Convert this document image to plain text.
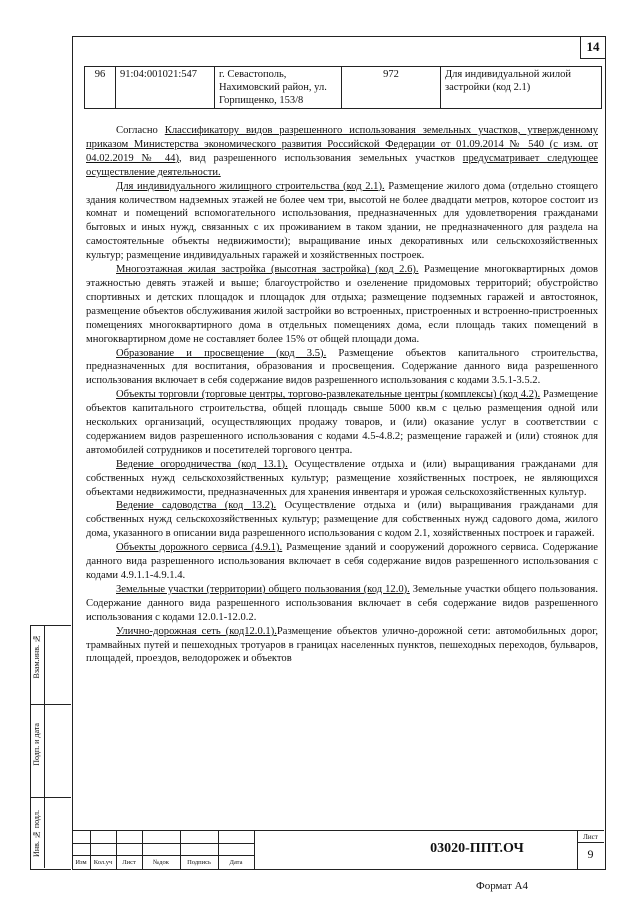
14
96	91:04:001021:547	г. Севастополь, Нахимовский район, ул. Горпищенко, 153/8	972	Для индивидуальной жилой застройки (код 2.1)

Согласно Классификатору видов разрешенного использования земельных участков, утвержденному приказом Министерства экономического развития Российской Федерации от 01.09.2014 № 540 (с изм. от 04.02.2019 № 44), вид разрешенного использования земельных участков предусматривает следующее осуществление деятельности.

Для индивидуального жилищного строительства (код 2.1). Размещение жилого дома (отдельно стоящего здания количеством надземных этажей не более чем три, высотой не более двадцати метров, которое состоит из комнат и помещений вспомогательного использования, предназначенных для удовлетворения гражданами бытовых и иных нужд, связанных с их проживанием в таком здании, не предназначенного для раздела на самостоятельные объекты недвижимости); выращивание иных декоративных или сельскохозяйственных культур; размещение индивидуальных гаражей и хозяйственных построек.

Многоэтажная жилая застройка (высотная застройка) (код 2.6). Размещение многоквартирных домов этажностью девять этажей и выше; благоустройство и озеленение придомовых территорий; обустройство спортивных и детских площадок и площадок для отдыха; размещение подземных гаражей и автостоянок, размещение объектов обслуживания жилой застройки во встроенных, пристроенных и встроенно-пристроенных помещениях многоквартирного дома в отдельных помещениях дома, если площадь таких помещений в многоквартирном доме не составляет более 15% от общей площади дома.

Образование и просвещение (код 3.5). Размещение объектов капитального строительства, предназначенных для воспитания, образования и просвещения. Содержание данного вида разрешенного использования включает в себя содержание видов разрешенного использования с кодами 3.5.1-3.5.2.

Объекты торговли (торговые центры, торгово-развлекательные центры (комплексы) (код 4.2). Размещение объектов капитального строительства, общей площадь свыше 5000 кв.м с целью размещения одной или нескольких организаций, осуществляющих продажу товаров, и (или) оказание услуг в соответствии с содержанием видов разрешенного использования с кодами 4.5-4.8.2; размещение гаражей и (или) стоянок для автомобилей сотрудников и посетителей торгового центра.

Ведение огородничества (код 13.1). Осуществление отдыха и (или) выращивания гражданами для собственных нужд сельскохозяйственных культур; размещение хозяйственных построек, не являющихся объектами недвижимости, предназначенных для хранения инвентаря и урожая сельскохозяйственных культур.

Ведение садоводства (код 13.2). Осуществление отдыха и (или) выращивания гражданами для собственных нужд сельскохозяйственных культур; размещение для собственных нужд садового дома, жилого дома, указанного в описании вида разрешенного использования с кодом 2.1, хозяйственных построек и гаражей.

Объекты дорожного сервиса (4.9.1). Размещение зданий и сооружений дорожного сервиса. Содержание данного вида разрешенного использования включает в себя содержание видов разрешенного использования с кодами 4.9.1.1-4.9.1.4.

Земельные участки (территории) общего пользования (код 12.0). Земельные участки общего пользования. Содержание данного вида разрешенного использования включает в себя содержание видов разрешенного использования с кодами 12.0.1-12.0.2.

Улично-дорожная сеть (код12.0.1).Размещение объектов улично-дорожной сети: автомобильных дорог, трамвайных путей и пешеходных тротуаров в границах населенных пунктов, пешеходных переходов, бульваров, площадей, проездов, велодорожек и объектов

Взам.инв. №
Подп. и дата
Инв. № подл.
Изм	Кол.уч	Лист	№док	Подпись	Дата
03020-ППТ.ОЧ
Лист
9
Формат А4
